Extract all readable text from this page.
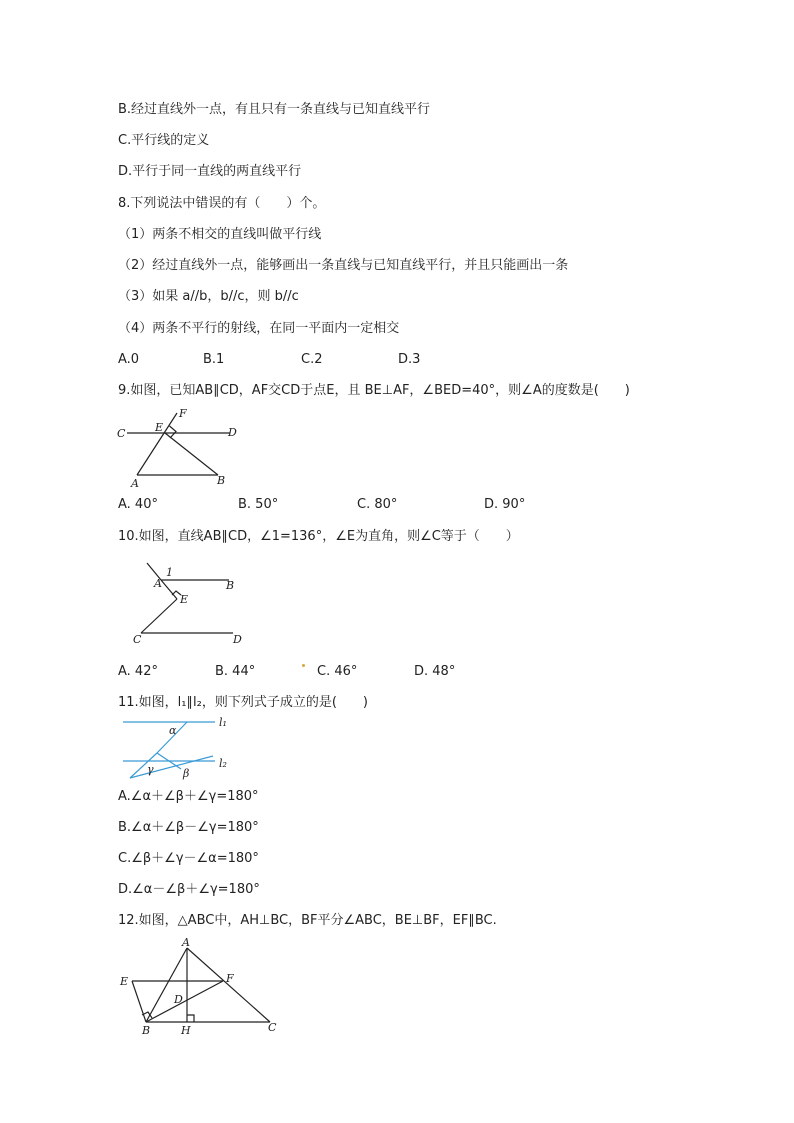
B.经过直线外一点，有且只有一条直线与已知直线平行
C.平行线的定义
D.平行于同一直线的两直线平行
8.下列说法中错误的有（　　）个。
（1）两条不相交的直线叫做平行线
（2）经过直线外一点，能够画出一条直线与已知直线平行，并且只能画出一条
（3）如果 a//b，b//c，则 b//c
（4）两条不平行的射线，在同一平面内一定相交
A.0	B.1	C.2	D.3
9.如图，已知AB∥CD，AF交CD于点E，且 BE⊥AF，∠BED=40°，则∠A的度数是(　　)
C	E
F
D
A	B
A. 40°	B. 50°	C. 80°	D. 90°
10.如图，直线AB∥CD，∠1=136°，∠E为直角，则∠C等于（　　）
1
A	B
E
C	D
A. 42°	B. 44°	C. 46°	D. 48°
11.如图，l₁∥l₂，则下列式子成立的是(　　)
α
l₁
γ	l₂
β
A.∠α＋∠β＋∠γ=180°
B.∠α＋∠β－∠γ=180°
C.∠β＋∠γ－∠α=180°
D.∠α－∠β＋∠γ=180°
12.如图，△ABC中，AH⊥BC，BF平分∠ABC，BE⊥BF，EF∥BC.
A
E	F
D
B	H	C
